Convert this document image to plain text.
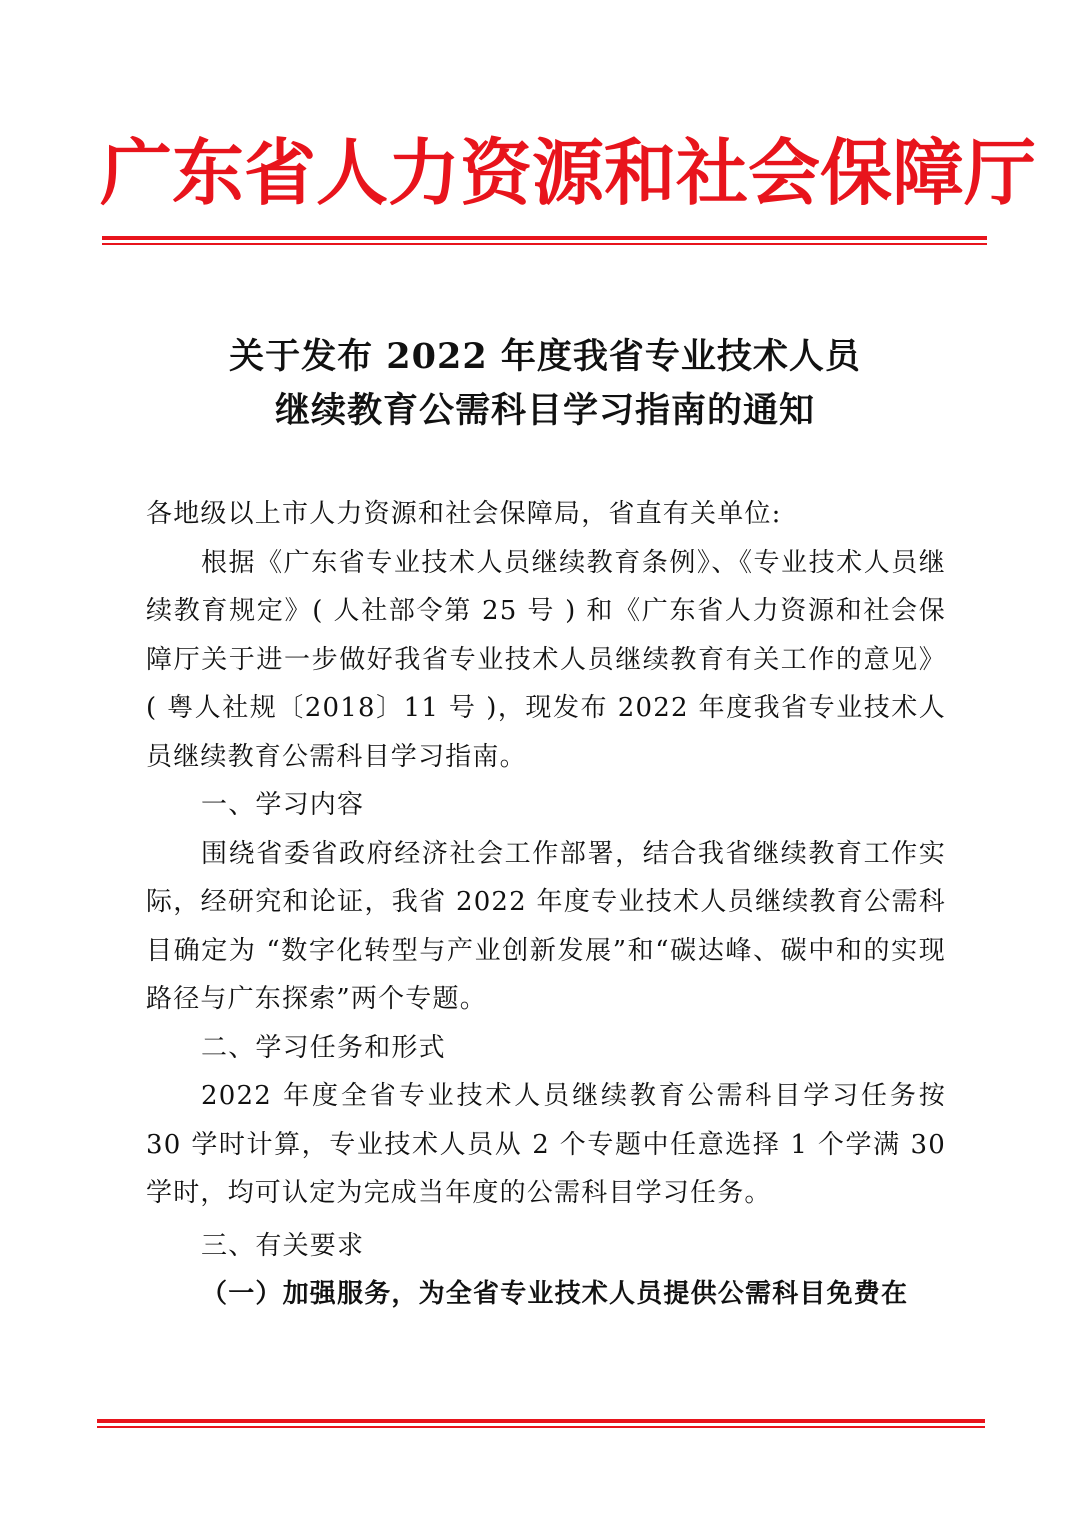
广东省人力资源和社会保障厅
关于发布 2022 年度我省专业技术人员
继续教育公需科目学习指南的通知

各地级以上市人力资源和社会保障局，省直有关单位:

根据《广东省专业技术人员继续教育条例》、《专业技术人员继续教育规定》( 人社部令第 25 号 ) 和《广东省人力资源和社会保障厅关于进一步做好我省专业技术人员继续教育有关工作的意见》( 粤人社规〔2018〕11 号 )，现发布 2022 年度我省专业技术人员继续教育公需科目学习指南。

一、学习内容

围绕省委省政府经济社会工作部署，结合我省继续教育工作实际，经研究和论证，我省 2022 年度专业技术人员继续教育公需科目确定为 “数字化转型与产业创新发展”和“碳达峰、碳中和的实现路径与广东探索”两个专题。

二、学习任务和形式

2022 年度全省专业技术人员继续教育公需科目学习任务按 30 学时计算，专业技术人员从 2 个专题中任意选择 1 个学满 30 学时，均可认定为完成当年度的公需科目学习任务。

三、有关要求

（一）加强服务，为全省专业技术人员提供公需科目免费在
